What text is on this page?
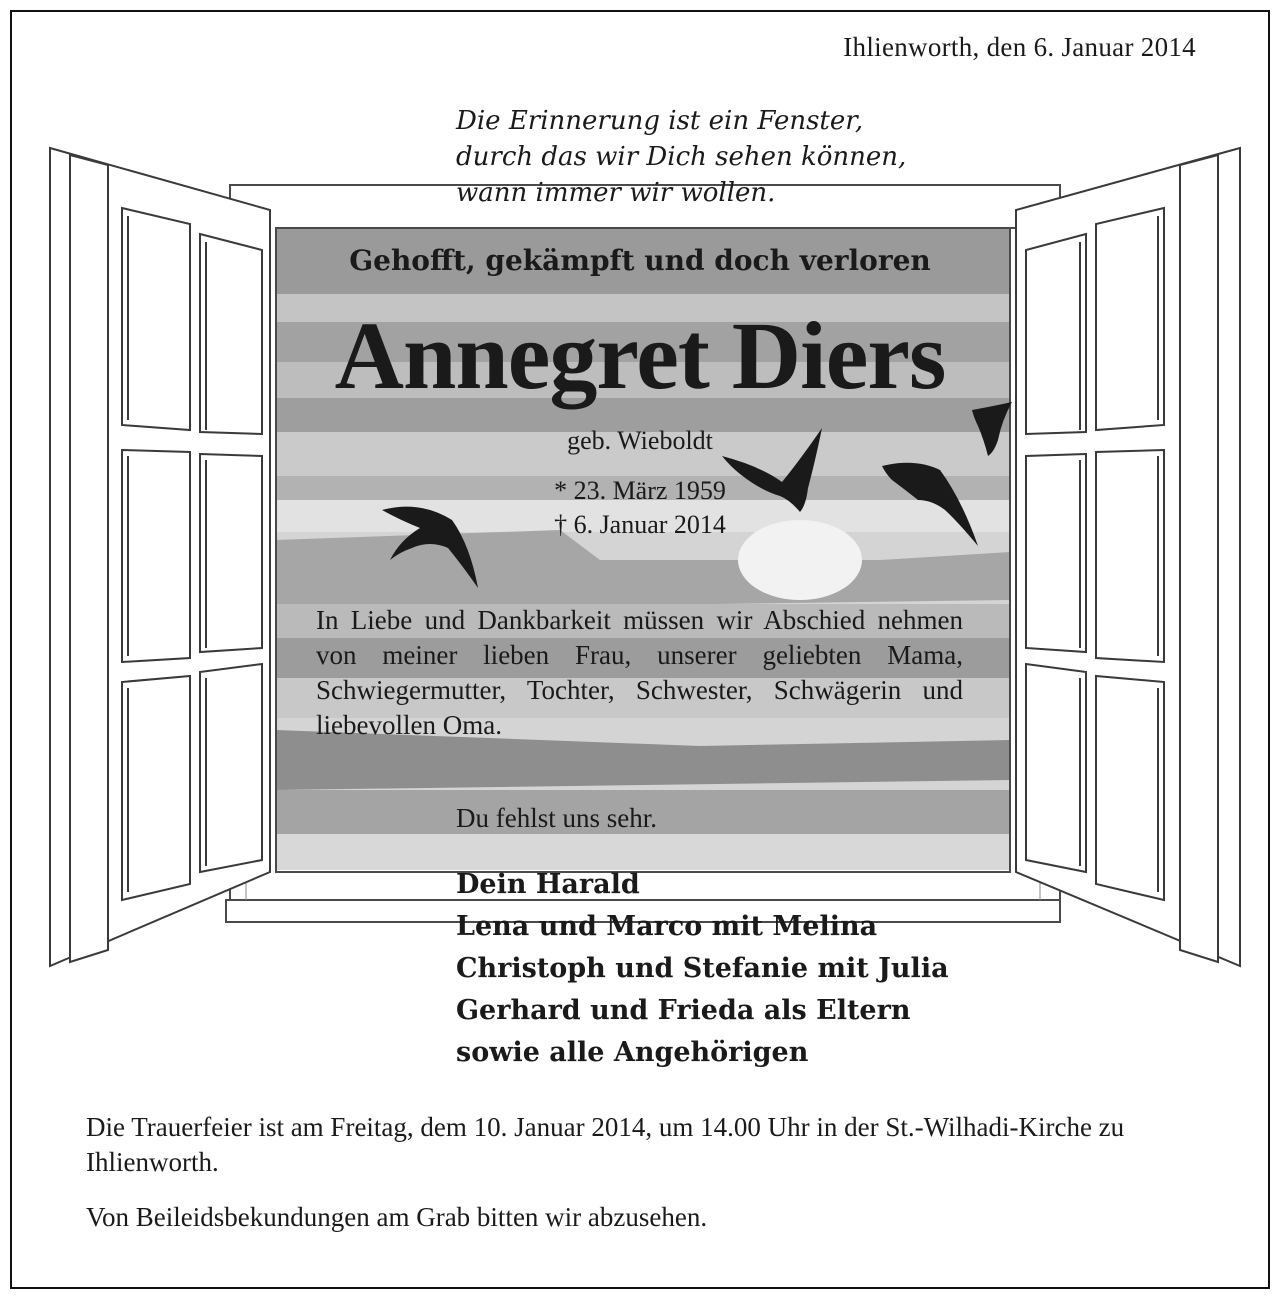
Ihlienworth, den 6. Januar 2014
Die Erinnerung ist ein Fenster,
durch das wir Dich sehen können,
wann immer wir wollen.
Gehofft, gekämpft und doch verloren
Annegret Diers
geb. Wieboldt
* 23. März 1959
† 6. Januar 2014
In Liebe und Dankbarkeit müssen wir Abschied nehmen von meiner lieben Frau, unserer geliebten Mama, Schwiegermutter, Tochter, Schwester, Schwägerin und liebevollen Oma.
Du fehlst uns sehr.
Dein Harald
Lena und Marco mit Melina
Christoph und Stefanie mit Julia
Gerhard und Frieda als Eltern
sowie alle Angehörigen
Die Trauerfeier ist am Freitag, dem 10. Januar 2014, um 14.00 Uhr in der St.-Wilhadi-Kirche zu Ihlienworth.
Von Beileidsbekundungen am Grab bitten wir abzusehen.
